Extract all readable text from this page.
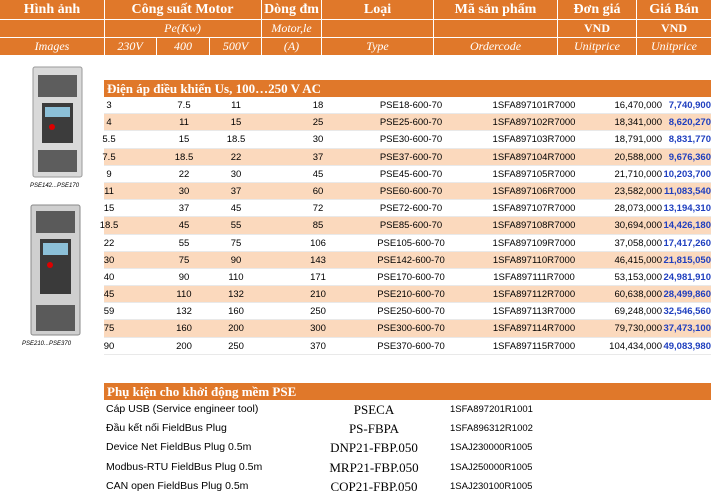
Hình ảnh	Công suất Motor	Dòng đm	Loại	Mã sản phẩm	Đơn giá	Giá Bán
Pe(Kw)	Motor,le	VND	VND
Images	230V	400	500V	(A)	Type	Ordercode	Unitprice	Unitprice
PSE142...PSE170
PSE210...PSE370
Điện áp điều khiển Us, 100…250 V AC
3	7.5	11	18	PSE18-600-70	1SFA897101R7000	16,470,000 7,740,900
4	11	15	25	PSE25-600-70	1SFA897102R7000	18,341,000 8,620,270
5.5	15	18.5	30	PSE30-600-70	1SFA897103R7000	18,791,000 8,831,770
7.5	18.5	22	37	PSE37-600-70	1SFA897104R7000	20,588,000 9,676,360
9	22	30	45	PSE45-600-70	1SFA897105R7000	21,710,000 10,203,700
11	30	37	60	PSE60-600-70	1SFA897106R7000	23,582,000 11,083,540
15	37	45	72	PSE72-600-70	1SFA897107R7000	28,073,000 13,194,310
18.5	45	55	85	PSE85-600-70	1SFA897108R7000	30,694,000 14,426,180
22	55	75	106	PSE105-600-70	1SFA897109R7000	37,058,000 17,417,260
30	75	90	143	PSE142-600-70	1SFA897110R7000	46,415,000 21,815,050
40	90	110	171	PSE170-600-70	1SFA897111R7000	53,153,000 24,981,910
45	110	132	210	PSE210-600-70	1SFA897112R7000	60,638,000 28,499,860
59	132	160	250	PSE250-600-70	1SFA897113R7000	69,248,000 32,546,560
75	160	200	300	PSE300-600-70	1SFA897114R7000	79,730,000 37,473,100
90	200	250	370	PSE370-600-70	1SFA897115R7000	104,434,000 49,083,980
Phụ kiện cho khởi động mềm PSE
Cáp USB (Service engineer tool)	PSECA	1SFA897201R1001
Đầu kết nối FieldBus Plug	PS-FBPA	1SFA896312R1002
Device Net FieldBus Plug 0.5m	DNP21-FBP.050	1SAJ230000R1005
Modbus-RTU FieldBus Plug 0.5m	MRP21-FBP.050	1SAJ250000R1005
CAN open FieldBus Plug 0.5m	COP21-FBP.050	1SAJ230100R1005
